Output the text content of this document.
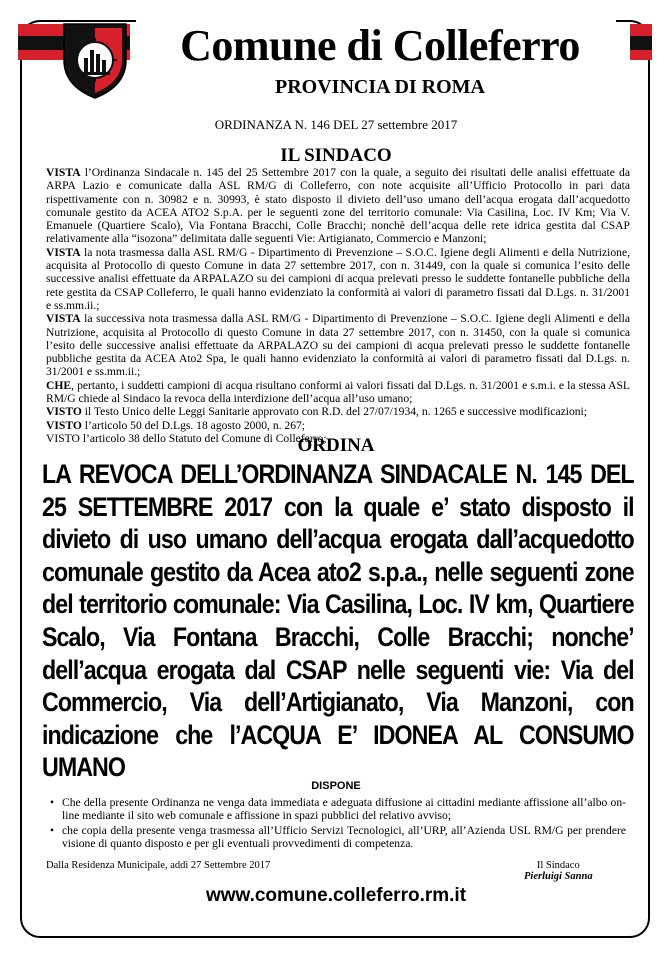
Comune di Colleferro
PROVINCIA DI ROMA
ORDINANZA N. 146 DEL 27 settembre 2017
IL SINDACO

VISTA l’Ordinanza Sindacale n. 145 del 25 Settembre 2017 con la quale, a seguito dei risultati delle analisi effettuate da ARPA Lazio e comunicate dalla ASL RM/G di Colleferro, con note acquisite all’Ufficio Protocollo in pari data rispettivamente con n. 30982 e n. 30993, è stato disposto il divieto dell’uso umano dell’acqua erogata dall’acquedotto comunale gestito da ACEA ATO2 S.p.A. per le seguenti zone del territorio comunale: Via Casilina, Loc. IV Km; Via V. Emanuele (Quartiere Scalo), Via Fontana Bracchi, Colle Bracchi; nonchè dell’acqua delle rete idrica gestita dal CSAP relativamente alla “isozona” delimitata dalle seguenti Vie: Artigianato, Commercio e Manzoni;

VISTA la nota trasmessa dalla ASL RM/G - Dipartimento di Prevenzione – S.O.C. Igiene degli Alimenti e della Nutrizione, acquisita al Protocollo di questo Comune in data 27 settembre 2017, con n. 31449, con la quale si comunica l’esito delle successive analisi effettuate da ARPALAZO su dei campioni di acqua prelevati presso le suddette fontanelle pubbliche della rete gestita da CSAP Colleferro, le quali hanno evidenziato la conformità ai valori di parametro fissati dal D.Lgs. n. 31/2001 e ss.mm.ii.;

VISTA la successiva nota trasmessa dalla ASL RM/G - Dipartimento di Prevenzione – S.O.C. Igiene degli Alimenti e della Nutrizione, acquisita al Protocollo di questo Comune in data 27 settembre 2017, con n. 31450, con la quale si comunica l’esito delle successive analisi effettuate da ARPALAZO su dei campioni di acqua prelevati presso le suddette fontanelle pubbliche gestita da ACEA Ato2 Spa, le quali hanno evidenziato la conformità ai valori di parametro fissati dal D.Lgs. n. 31/2001 e ss.mm.ii.;

CHE, pertanto, i suddetti campioni di acqua risultano conformi ai valori fissati dal D.Lgs. n. 31/2001 e s.m.i. e la stessa ASL RM/G chiede al Sindaco la revoca della interdizione dell’acqua all’uso umano;

VISTO il Testo Unico delle Leggi Sanitarie approvato con R.D. del 27/07/1934, n. 1265 e successive modificazioni;

VISTO l’articolo 50 del D.Lgs. 18 agosto 2000, n. 267;

VISTO l’articolo 38 dello Statuto del Comune di Colleferro;

ORDINA
LA REVOCA DELL’ORDINANZA SINDACALE N. 145 DEL 25 SETTEMBRE 2017 con la quale e’ stato disposto il divieto di uso umano dell’acqua erogata dall’acquedotto comunale gestito da Acea ato2 s.p.a., nelle seguenti zone del territorio comunale: Via Casilina, Loc. IV km, Quartiere Scalo, Via Fontana Bracchi, Colle Bracchi; nonche’ dell’acqua erogata dal CSAP nelle seguenti vie: Via del Commercio, Via dell’Artigianato, Via Manzoni, con indicazione che l’ACQUA E’ IDONEA AL CONSUMO UMANO
DISPONE
• Che della presente Ordinanza ne venga data immediata e adeguata diffusione ai cittadini mediante affissione all’albo on-line mediante il sito web comunale e affissione in spazi pubblici del relativo avviso;
• che copia della presente venga trasmessa all’Ufficio Servizi Tecnologici, all’URP, all’Azienda USL RM/G per prendere visione di quanto disposto e per gli eventuali provvedimenti di competenza.
Dalla Residenza Municipale, addì 27 Settembre 2017	Il Sindaco
Pierluigi Sanna
www.comune.colleferro.rm.it
